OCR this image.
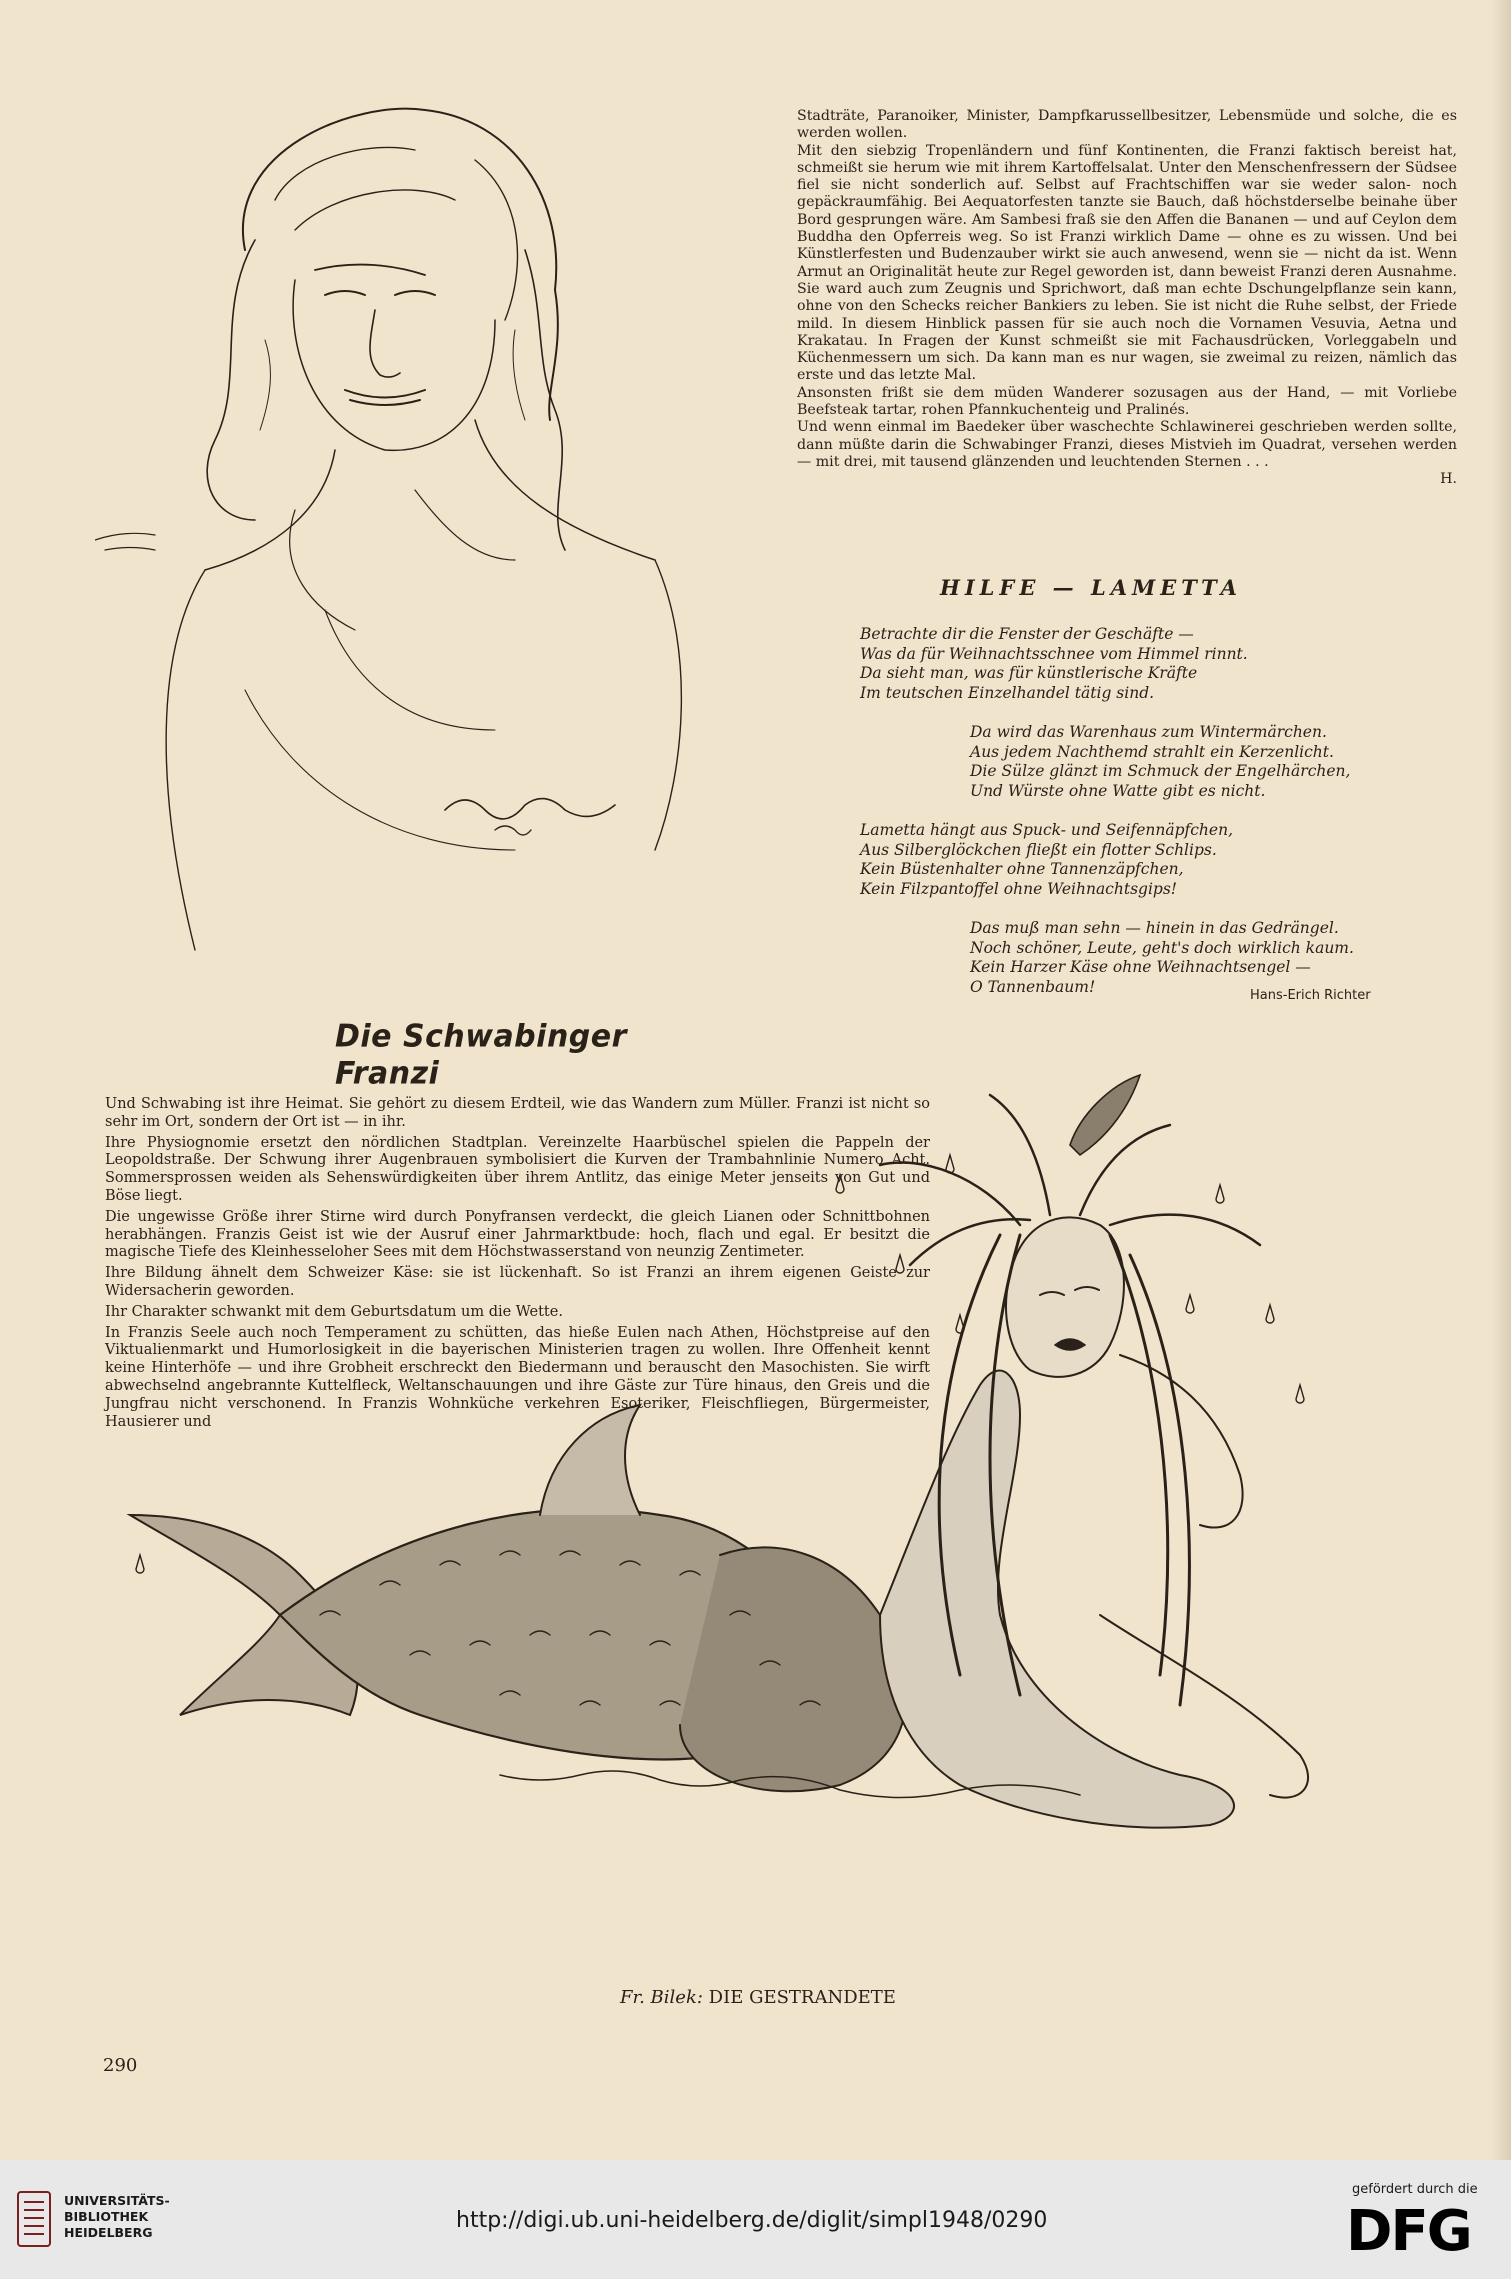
Stadträte, Paranoiker, Minister, Dampfkarussellbesitzer, Lebensmüde und solche, die es werden wollen.

Mit den siebzig Tropenländern und fünf Kontinenten, die Franzi faktisch bereist hat, schmeißt sie herum wie mit ihrem Kartoffelsalat. Unter den Menschenfressern der Südsee fiel sie nicht sonderlich auf. Selbst auf Frachtschiffen war sie weder salon- noch gepäckraumfähig. Bei Aequatorfesten tanzte sie Bauch, daß höchstderselbe beinahe über Bord gesprungen wäre. Am Sambesi fraß sie den Affen die Bananen — und auf Ceylon dem Buddha den Opferreis weg. So ist Franzi wirklich Dame — ohne es zu wissen. Und bei Künstlerfesten und Budenzauber wirkt sie auch anwesend, wenn sie — nicht da ist. Wenn Armut an Originalität heute zur Regel geworden ist, dann beweist Franzi deren Ausnahme. Sie ward auch zum Zeugnis und Sprichwort, daß man echte Dschungelpflanze sein kann, ohne von den Schecks reicher Bankiers zu leben. Sie ist nicht die Ruhe selbst, der Friede mild. In diesem Hinblick passen für sie auch noch die Vornamen Vesuvia, Aetna und Krakatau. In Fragen der Kunst schmeißt sie mit Fachausdrücken, Vorleggabeln und Küchenmessern um sich. Da kann man es nur wagen, sie zweimal zu reizen, nämlich das erste und das letzte Mal.

Ansonsten frißt sie dem müden Wanderer sozusagen aus der Hand, — mit Vorliebe Beefsteak tartar, rohen Pfannkuchenteig und Pralinés.

Und wenn einmal im Baedeker über waschechte Schlawinerei geschrieben werden sollte, dann müßte darin die Schwabinger Franzi, dieses Mistvieh im Quadrat, versehen werden — mit drei, mit tausend glänzenden und leuchtenden Sternen . . .

H.

HILFE — LAMETTA
Betrachte dir die Fenster der Geschäfte —
Was da für Weihnachtsschnee vom Himmel rinnt.
Da sieht man, was für künstlerische Kräfte
Im teutschen Einzelhandel tätig sind.
Da wird das Warenhaus zum Wintermärchen.
Aus jedem Nachthemd strahlt ein Kerzenlicht.
Die Sülze glänzt im Schmuck der Engelhärchen,
Und Würste ohne Watte gibt es nicht.
Lametta hängt aus Spuck- und Seifennäpfchen,
Aus Silberglöckchen fließt ein flotter Schlips.
Kein Büstenhalter ohne Tannenzäpfchen,
Kein Filzpantoffel ohne Weihnachtsgips!
Das muß man sehn — hinein in das Gedrängel.
Noch schöner, Leute, geht's doch wirklich kaum.
Kein Harzer Käse ohne Weihnachtsengel —
O Tannenbaum!	Hans-Erich Richter
Die Schwabinger Franzi

Und Schwabing ist ihre Heimat. Sie gehört zu diesem Erdteil, wie das Wandern zum Müller. Franzi ist nicht so sehr im Ort, sondern der Ort ist — in ihr.

Ihre Physiognomie ersetzt den nördlichen Stadtplan. Vereinzelte Haarbüschel spielen die Pappeln der Leopoldstraße. Der Schwung ihrer Augenbrauen symbolisiert die Kurven der Trambahnlinie Numero Acht. Sommersprossen weiden als Sehenswürdigkeiten über ihrem Antlitz, das einige Meter jenseits von Gut und Böse liegt.

Die ungewisse Größe ihrer Stirne wird durch Ponyfransen verdeckt, die gleich Lianen oder Schnittbohnen herabhängen. Franzis Geist ist wie der Ausruf einer Jahrmarktbude: hoch, flach und egal. Er besitzt die magische Tiefe des Kleinhesseloher Sees mit dem Höchstwasserstand von neunzig Zentimeter.

Ihre Bildung ähnelt dem Schweizer Käse: sie ist lückenhaft. So ist Franzi an ihrem eigenen Geiste zur Widersacherin geworden.

Ihr Charakter schwankt mit dem Geburtsdatum um die Wette.

In Franzis Seele auch noch Temperament zu schütten, das hieße Eulen nach Athen, Höchstpreise auf den Viktualienmarkt und Humorlosigkeit in die bayerischen Ministerien tragen zu wollen. Ihre Offenheit kennt keine Hinterhöfe — und ihre Grobheit erschreckt den Biedermann und berauscht den Masochisten. Sie wirft abwechselnd angebrannte Kuttelfleck, Weltanschauungen und ihre Gäste zur Türe hinaus, den Greis und die Jungfrau nicht verschonend. In Franzis Wohnküche verkehren Esoteriker, Fleischfliegen, Bürgermeister, Hausierer und

Fr. Bilek: DIE GESTRANDETE
290
UNIVERSITÄTS-
BIBLIOTHEK
HEIDELBERG	http://digi.ub.uni-heidelberg.de/diglit/simpl1948/0290
gefördert durch die
DFG
